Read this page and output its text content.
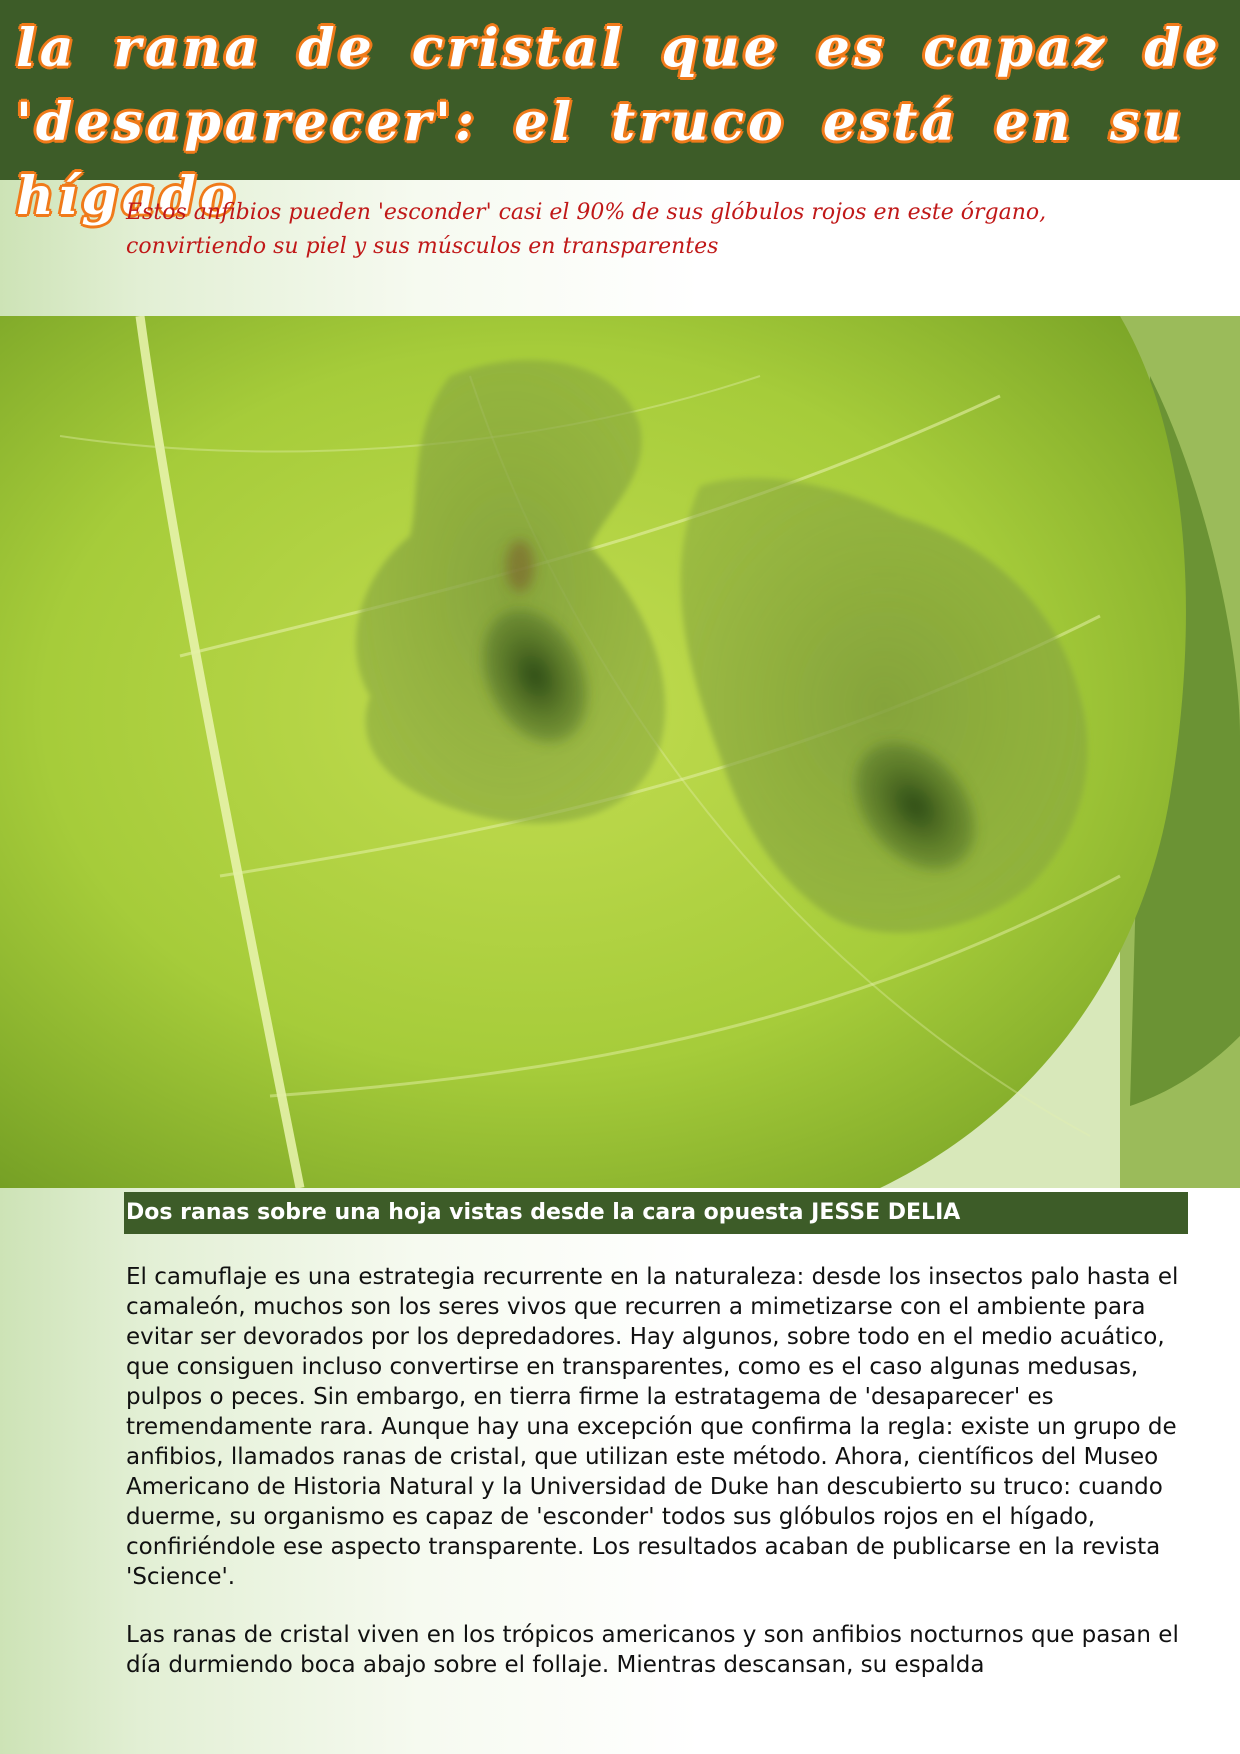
la rana de cristal que es capaz de 'desaparecer': el truco está en su hígado

Estos anfibios pueden 'esconder' casi el 90% de sus glóbulos rojos en este órgano, convirtiendo su piel y sus músculos en transparentes

Dos ranas sobre una hoja vistas desde la cara opuesta JESSE DELIA

El camuflaje es una estrategia recurrente en la naturaleza: desde los insectos palo hasta el camaleón, muchos son los seres vivos que recurren a mimetizarse con el ambiente para evitar ser devorados por los depredadores. Hay algunos, sobre todo en el medio acuático, que consiguen incluso convertirse en transparentes, como es el caso algunas medusas, pulpos o peces. Sin embargo, en tierra firme la estratagema de 'desaparecer' es tremendamente rara. Aunque hay una excepción que confirma la regla: existe un grupo de anfibios, llamados ranas de cristal, que utilizan este método. Ahora, científicos del Museo Americano de Historia Natural y la Universidad de Duke han descubierto su truco: cuando duerme, su organismo es capaz de 'esconder' todos sus glóbulos rojos en el hígado, confiriéndole ese aspecto transparente. Los resultados acaban de publicarse en la revista 'Science'.

Las ranas de cristal viven en los trópicos americanos y son anfibios nocturnos que pasan el día durmiendo boca abajo sobre el follaje. Mientras descansan, su espalda
